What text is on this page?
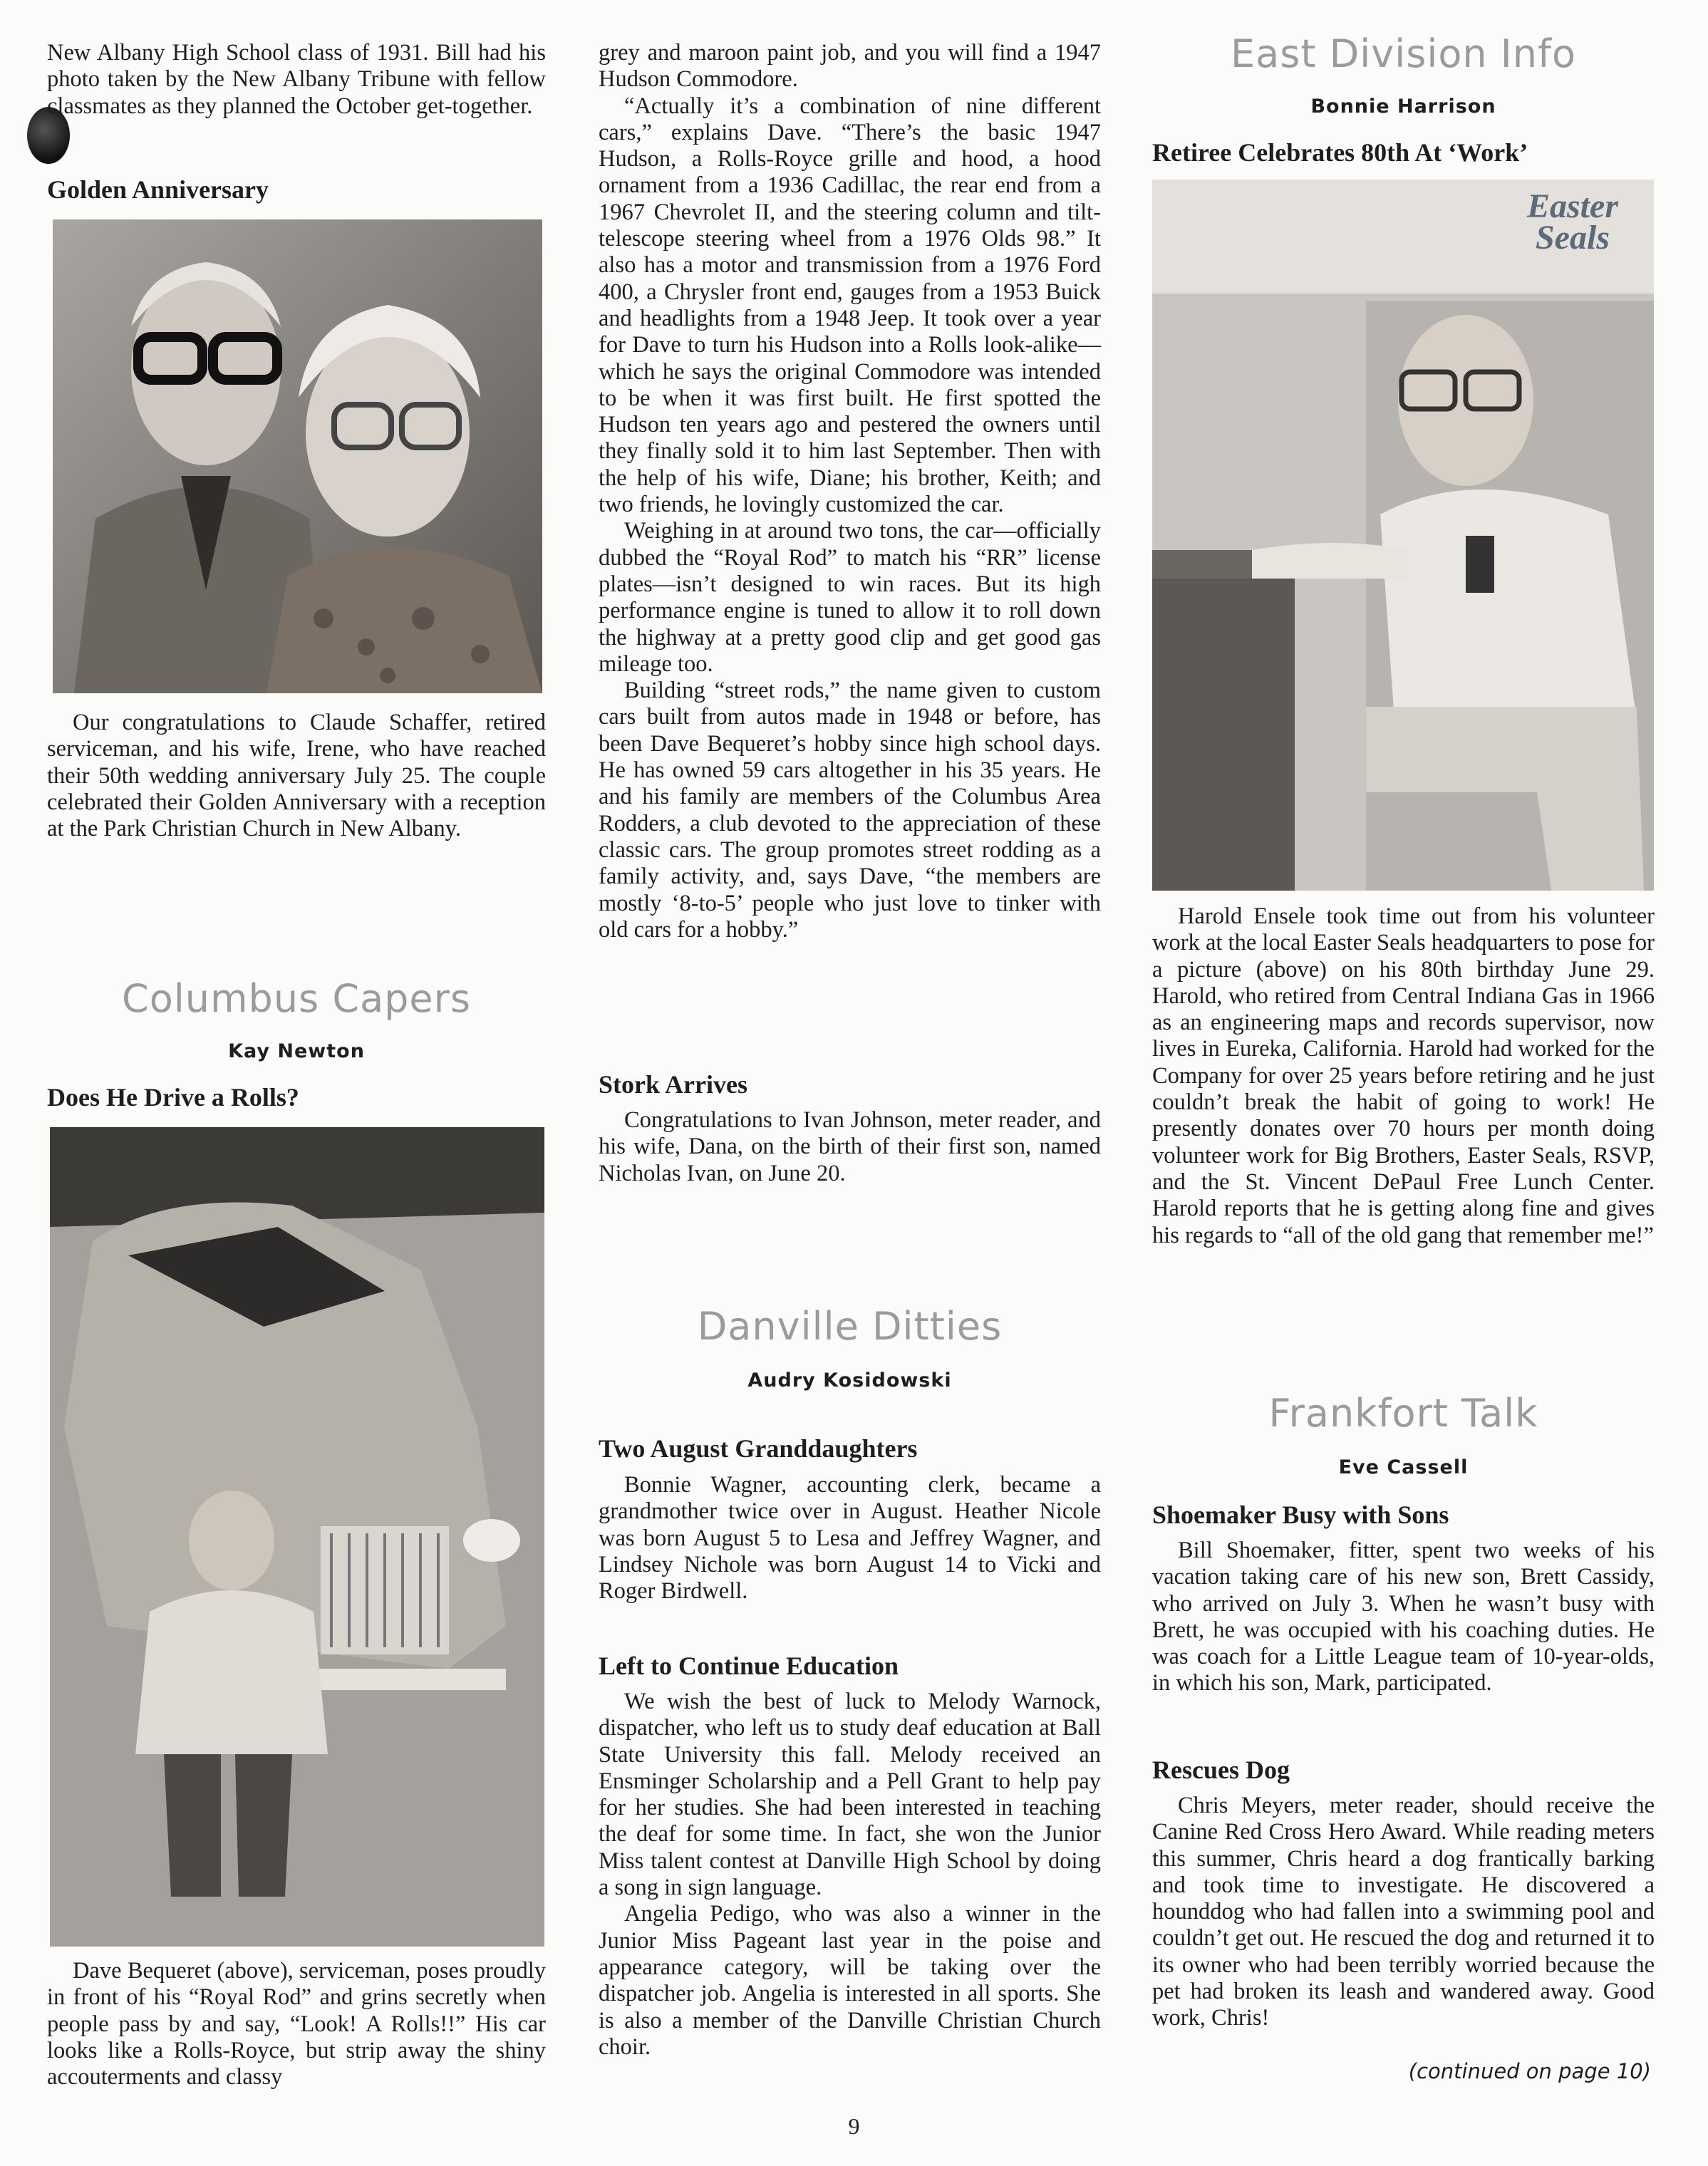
New Albany High School class of 1931. Bill had his photo taken by the New Albany Tribune with fellow classmates as they planned the October get-together.

Golden Anniversary

Our congratulations to Claude Schaffer, retired serviceman, and his wife, Irene, who have reached their 50th wedding anniversary July 25. The couple celebrated their Golden Anniversary with a reception at the Park Christian Church in New Albany.

Columbus Capers

Kay Newton

Does He Drive a Rolls?

Dave Bequeret (above), serviceman, poses proudly in front of his “Royal Rod” and grins secretly when people pass by and say, “Look! A Rolls!!” His car looks like a Rolls-Royce, but strip away the shiny accouterments and classy

grey and maroon paint job, and you will find a 1947 Hudson Commodore.

“Actually it’s a combination of nine different cars,” explains Dave. “There’s the basic 1947 Hudson, a Rolls-Royce grille and hood, a hood ornament from a 1936 Cadillac, the rear end from a 1967 Chevrolet II, and the steering column and tilt-telescope steering wheel from a 1976 Olds 98.” It also has a motor and transmission from a 1976 Ford 400, a Chrysler front end, gauges from a 1953 Buick and headlights from a 1948 Jeep. It took over a year for Dave to turn his Hudson into a Rolls look-alike—which he says the original Commodore was intended to be when it was first built. He first spotted the Hudson ten years ago and pestered the owners until they finally sold it to him last September. Then with the help of his wife, Diane; his brother, Keith; and two friends, he lovingly customized the car.

Weighing in at around two tons, the car—officially dubbed the “Royal Rod” to match his “RR” license plates—isn’t designed to win races. But its high performance engine is tuned to allow it to roll down the highway at a pretty good clip and get good gas mileage too.

Building “street rods,” the name given to custom cars built from autos made in 1948 or before, has been Dave Bequeret’s hobby since high school days. He has owned 59 cars altogether in his 35 years. He and his family are members of the Columbus Area Rodders, a club devoted to the appreciation of these classic cars. The group promotes street rodding as a family activity, and, says Dave, “the members are mostly ‘8-to-5’ people who just love to tinker with old cars for a hobby.”

Stork Arrives

Congratulations to Ivan Johnson, meter reader, and his wife, Dana, on the birth of their first son, named Nicholas Ivan, on June 20.

Danville Ditties

Audry Kosidowski

Two August Granddaughters

Bonnie Wagner, accounting clerk, became a grandmother twice over in August. Heather Nicole was born August 5 to Lesa and Jeffrey Wagner, and Lindsey Nichole was born August 14 to Vicki and Roger Birdwell.

Left to Continue Education

We wish the best of luck to Melody Warnock, dispatcher, who left us to study deaf education at Ball State University this fall. Melody received an Ensminger Scholarship and a Pell Grant to help pay for her studies. She had been interested in teaching the deaf for some time. In fact, she won the Junior Miss talent contest at Danville High School by doing a song in sign language.

Angelia Pedigo, who was also a winner in the Junior Miss Pageant last year in the poise and appearance category, will be taking over the dispatcher job. Angelia is interested in all sports. She is also a member of the Danville Christian Church choir.

East Division Info

Bonnie Harrison

Retiree Celebrates 80th At ‘Work’
Easter Seals

Harold Ensele took time out from his volunteer work at the local Easter Seals headquarters to pose for a picture (above) on his 80th birthday June 29. Harold, who retired from Central Indiana Gas in 1966 as an engineering maps and records supervisor, now lives in Eureka, California. Harold had worked for the Company for over 25 years before retiring and he just couldn’t break the habit of going to work! He presently donates over 70 hours per month doing volunteer work for Big Brothers, Easter Seals, RSVP, and the St. Vincent DePaul Free Lunch Center. Harold reports that he is getting along fine and gives his regards to “all of the old gang that remember me!”

Frankfort Talk

Eve Cassell

Shoemaker Busy with Sons

Bill Shoemaker, fitter, spent two weeks of his vacation taking care of his new son, Brett Cassidy, who arrived on July 3. When he wasn’t busy with Brett, he was occupied with his coaching duties. He was coach for a Little League team of 10-year-olds, in which his son, Mark, participated.

Rescues Dog

Chris Meyers, meter reader, should receive the Canine Red Cross Hero Award. While reading meters this summer, Chris heard a dog frantically barking and took time to investigate. He discovered a hounddog who had fallen into a swimming pool and couldn’t get out. He rescued the dog and returned it to its owner who had been terribly worried because the pet had broken its leash and wandered away. Good work, Chris!

(continued on page 10)

9
